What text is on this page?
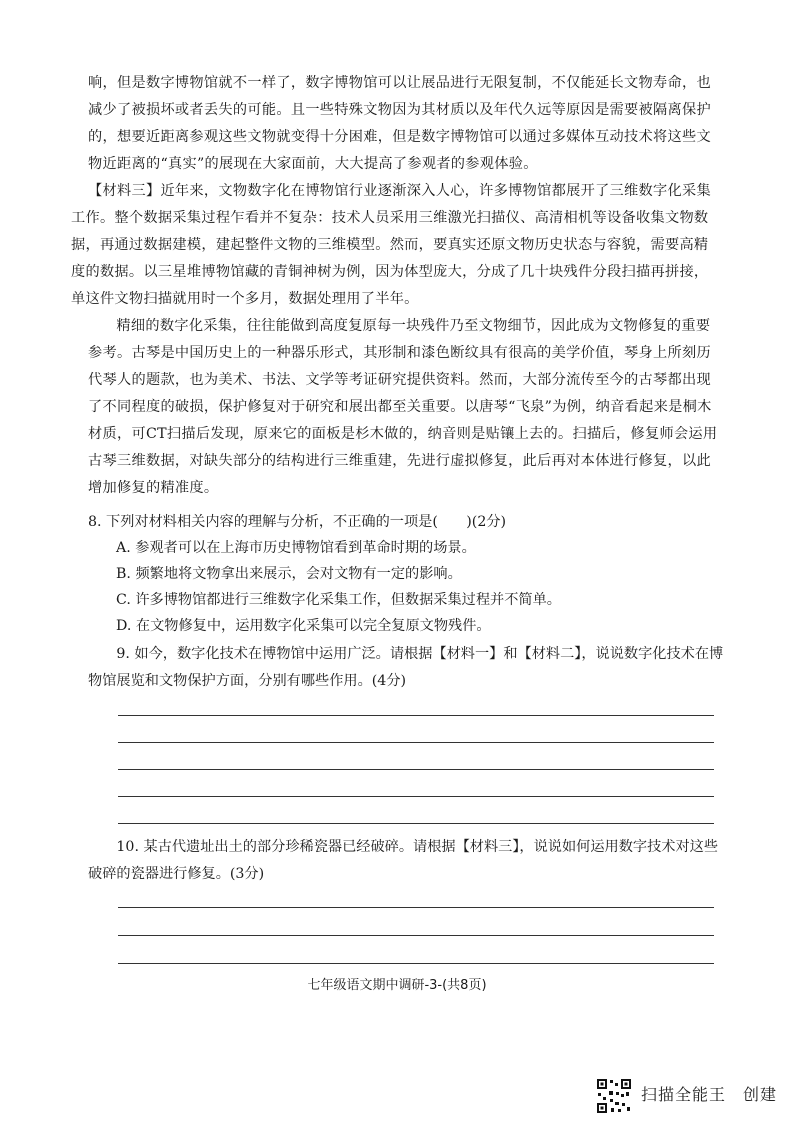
响，但是数字博物馆就不一样了，数字博物馆可以让展品进行无限复制，不仅能延长文物寿命，也减少了被损坏或者丢失的可能。且一些特殊文物因为其材质以及年代久远等原因是需要被隔离保护的，想要近距离参观这些文物就变得十分困难，但是数字博物馆可以通过多媒体互动技术将这些文物近距离的“真实”的展现在大家面前，大大提高了参观者的参观体验。

【材料三】近年来，文物数字化在博物馆行业逐渐深入人心，许多博物馆都展开了三维数字化采集工作。整个数据采集过程乍看并不复杂：技术人员采用三维激光扫描仪、高清相机等设备收集文物数据，再通过数据建模，建起整件文物的三维模型。然而，要真实还原文物历史状态与容貌，需要高精度的数据。以三星堆博物馆藏的青铜神树为例，因为体型庞大，分成了几十块残件分段扫描再拼接，单这件文物扫描就用时一个多月，数据处理用了半年。

精细的数字化采集，往往能做到高度复原每一块残件乃至文物细节，因此成为文物修复的重要参考。古琴是中国历史上的一种器乐形式，其形制和漆色断纹具有很高的美学价值，琴身上所刻历代琴人的题款，也为美术、书法、文学等考证研究提供资料。然而，大部分流传至今的古琴都出现了不同程度的破损，保护修复对于研究和展出都至关重要。以唐琴“飞泉”为例，纳音看起来是桐木材质，可CT扫描后发现，原来它的面板是杉木做的，纳音则是贴镶上去的。扫描后，修复师会运用古琴三维数据，对缺失部分的结构进行三维重建，先进行虚拟修复，此后再对本体进行修复，以此增加修复的精准度。

8. 下列对材料相关内容的理解与分析，不正确的一项是(　　)(2分)
A. 参观者可以在上海市历史博物馆看到革命时期的场景。
B. 频繁地将文物拿出来展示，会对文物有一定的影响。
C. 许多博物馆都进行三维数字化采集工作，但数据采集过程并不简单。
D. 在文物修复中，运用数字化采集可以完全复原文物残件。
9. 如今，数字化技术在博物馆中运用广泛。请根据【材料一】和【材料二】，说说数字化技术在博物馆展览和文物保护方面，分别有哪些作用。(4分)
10. 某古代遗址出土的部分珍稀瓷器已经破碎。请根据【材料三】，说说如何运用数字技术对这些破碎的瓷器进行修复。(3分)
七年级语文期中调研-3-(共8页)
扫描全能王　创建
